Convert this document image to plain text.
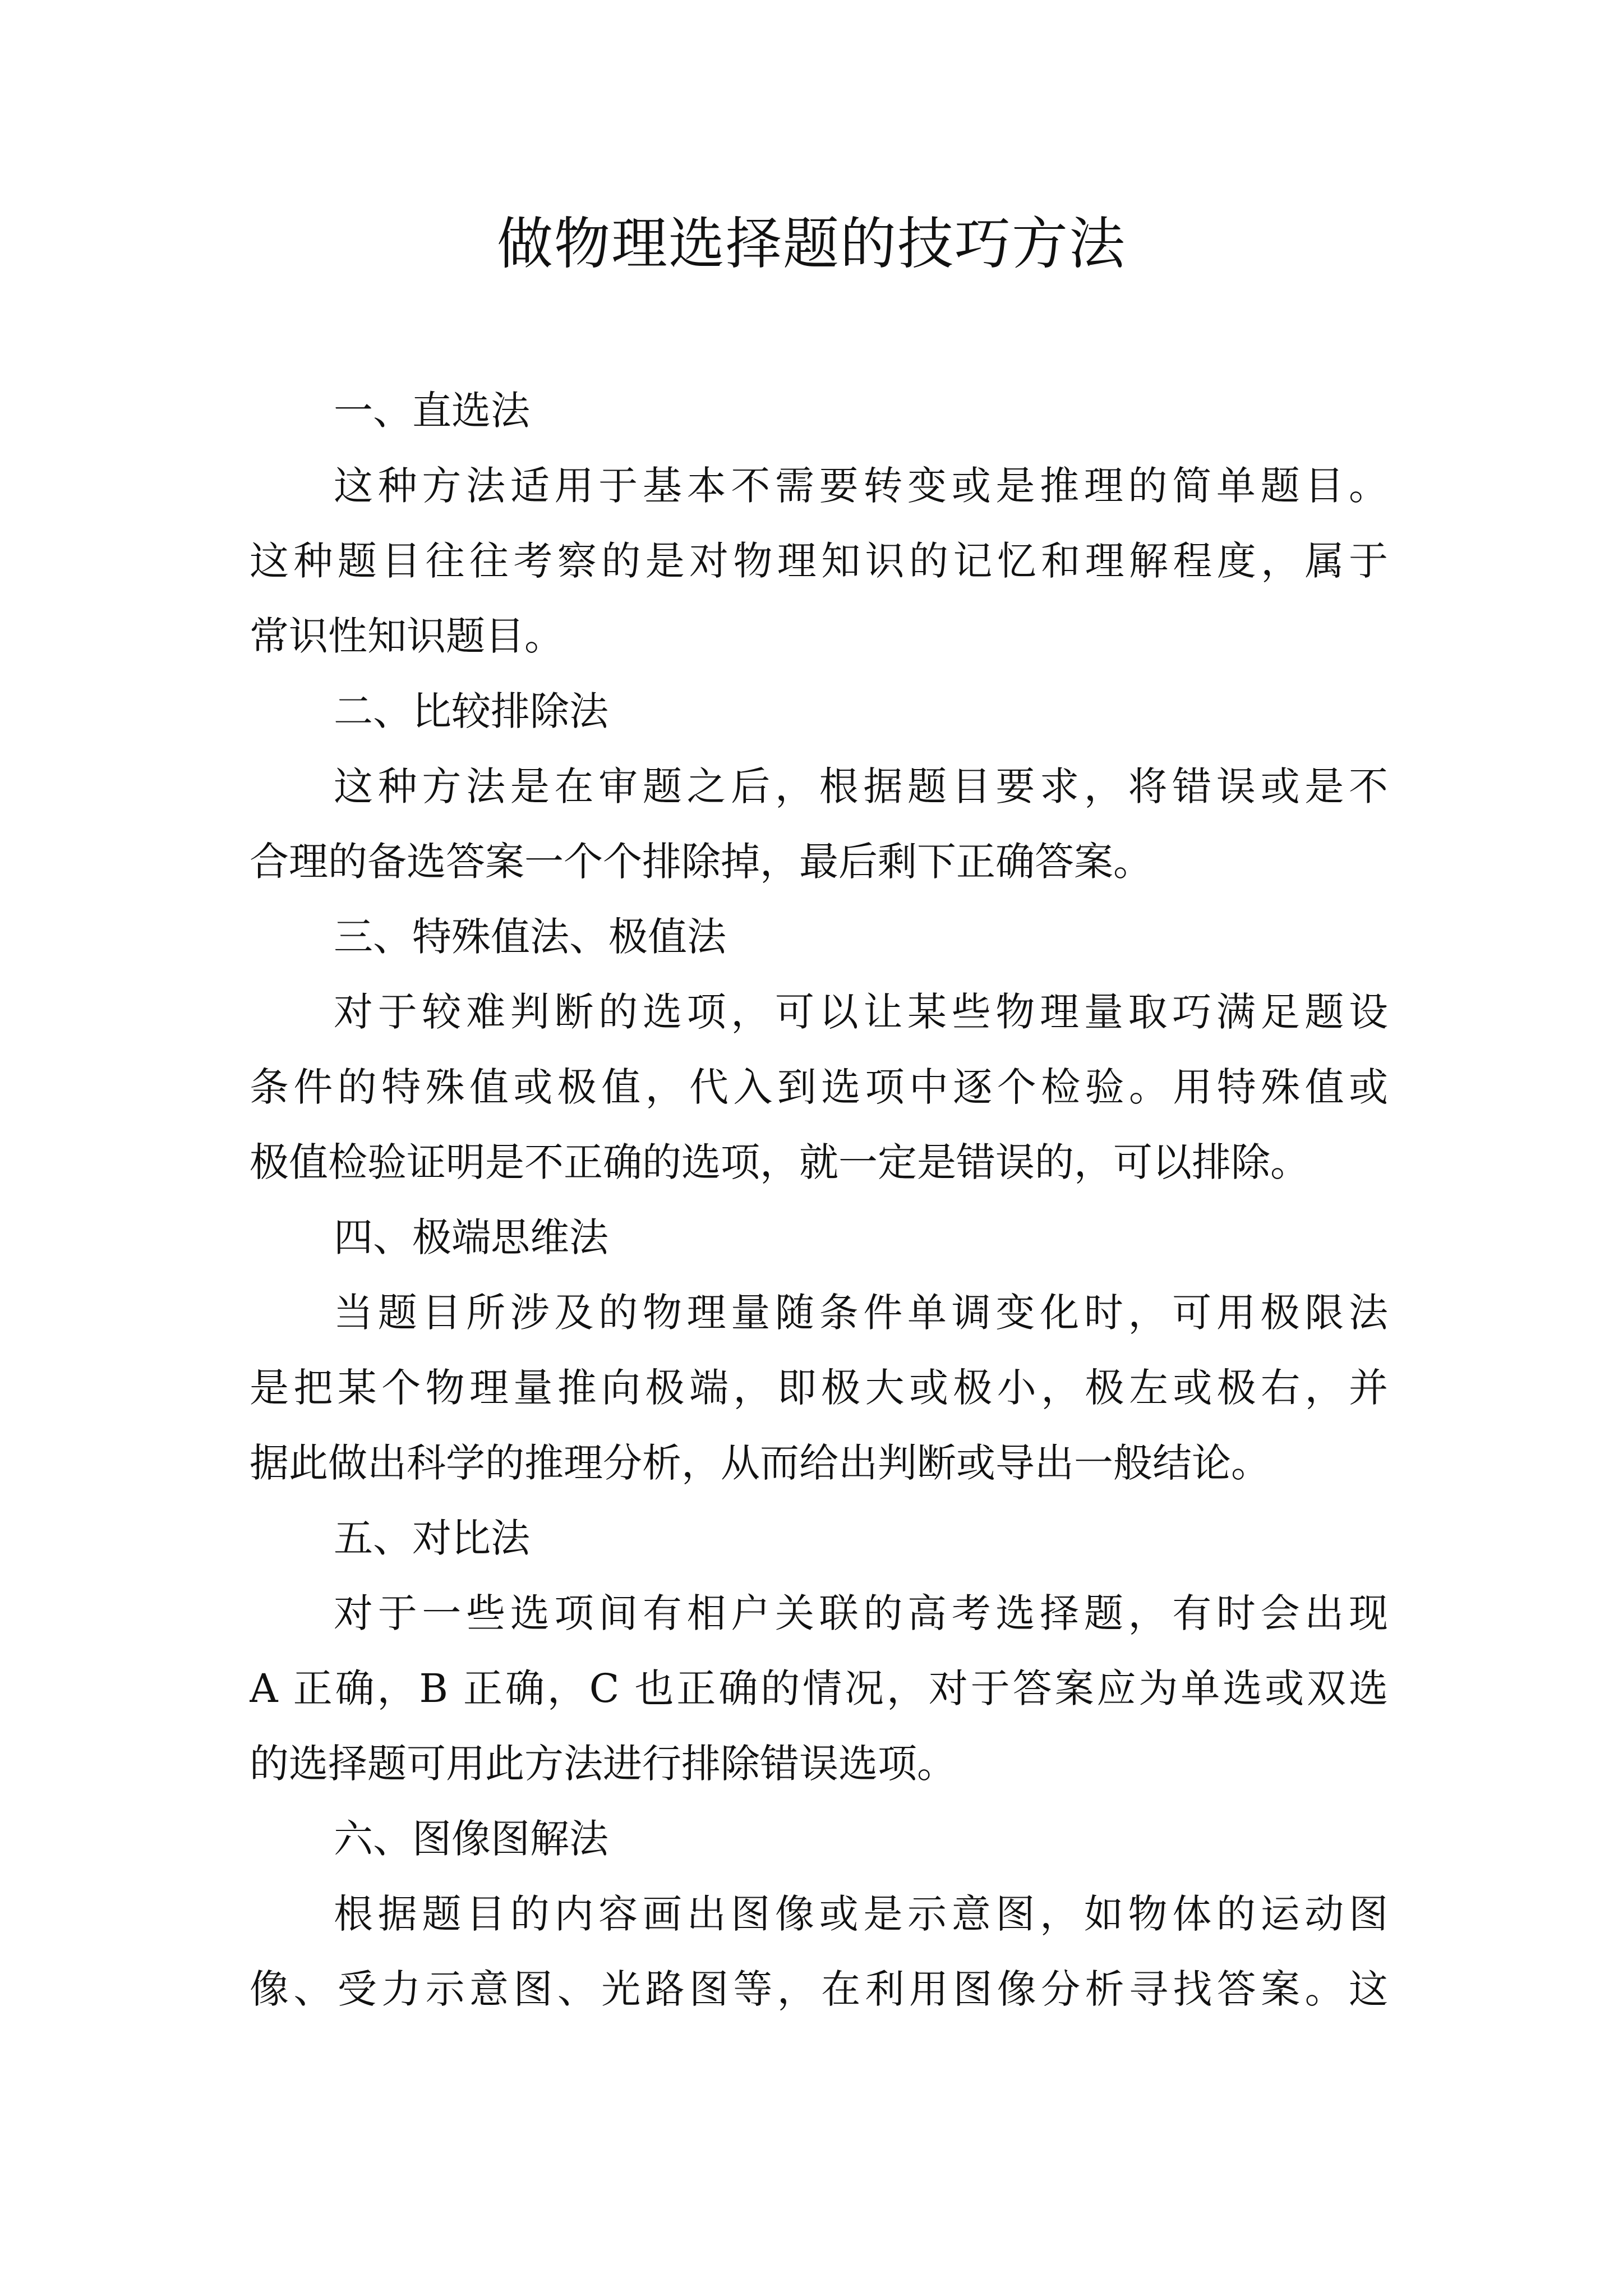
做物理选择题的技巧方法
一、直选法
这种方法适用于基本不需要转变或是推理的简单题目。
这种题目往往考察的是对物理知识的记忆和理解程度，属于
常识性知识题目。
二、比较排除法
这种方法是在审题之后，根据题目要求，将错误或是不
合理的备选答案一个个排除掉，最后剩下正确答案。
三、特殊值法、极值法
对于较难判断的选项，可以让某些物理量取巧满足题设
条件的特殊值或极值，代入到选项中逐个检验。用特殊值或
极值检验证明是不正确的选项，就一定是错误的，可以排除。
四、极端思维法
当题目所涉及的物理量随条件单调变化时，可用极限法
是把某个物理量推向极端，即极大或极小，极左或极右，并
据此做出科学的推理分析，从而给出判断或导出一般结论。
五、对比法
对于一些选项间有相户关联的高考选择题，有时会出现
A 正确，B 正确，C 也正确的情况，对于答案应为单选或双选
的选择题可用此方法进行排除错误选项。
六、图像图解法
根据题目的内容画出图像或是示意图，如物体的运动图
像、受力示意图、光路图等，在利用图像分析寻找答案。这
